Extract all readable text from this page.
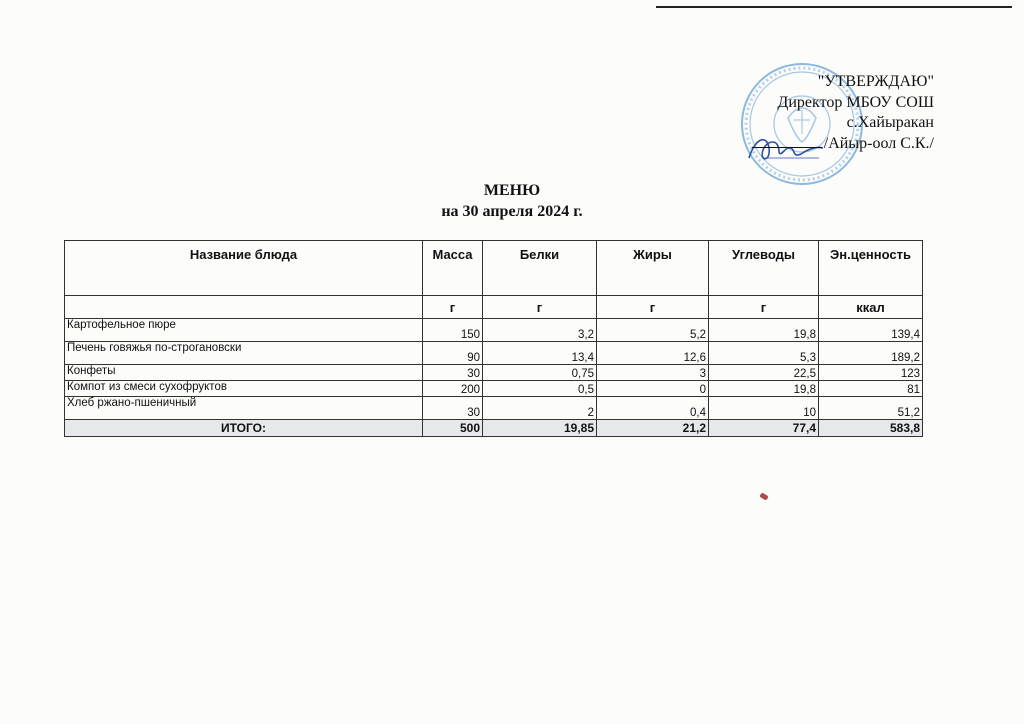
"УТВЕРЖДАЮ"
Директор МБОУ СОШ
с.Хайыракан
/Айыр-оол С.К./
МЕНЮ
на 30 апреля 2024 г.
Название блюда	Масса	Белки	Жиры	Углеводы	Эн.ценность
	г	г	г	г	ккал
Картофельное пюре	150	3,2	5,2	19,8	139,4
Печень говяжья по-строгановски	90	13,4	12,6	5,3	189,2
Конфеты	30	0,75	3	22,5	123
Компот из смеси сухофруктов	200	0,5	0	19,8	81
Хлеб ржано-пшеничный	30	2	0,4	10	51,2
ИТОГО:	500	19,85	21,2	77,4	583,8
